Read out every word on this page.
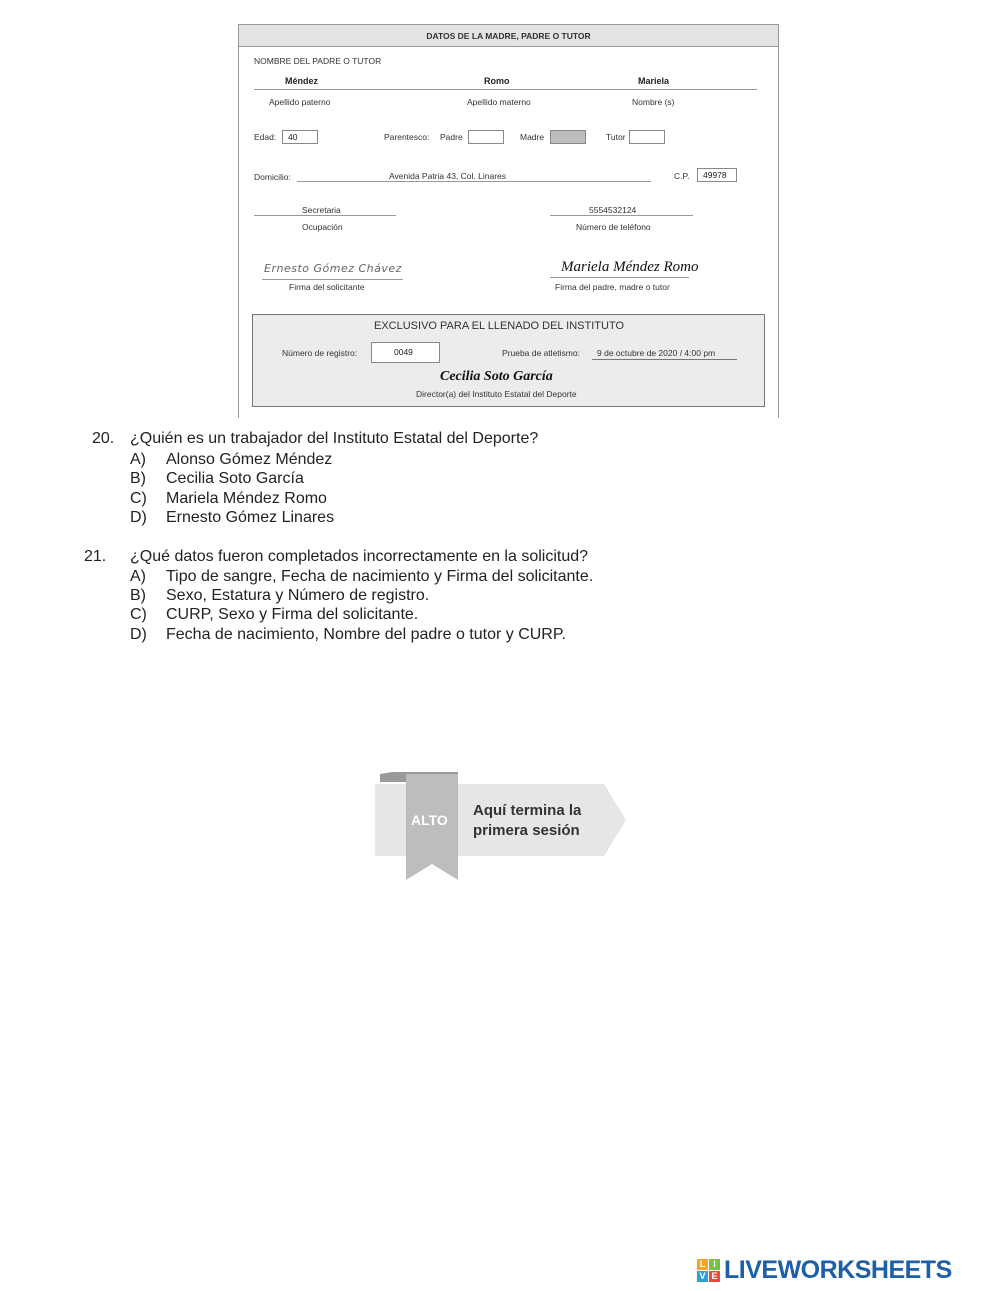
DATOS DE LA MADRE, PADRE O TUTOR
NOMBRE DEL PADRE O TUTOR
Méndez	Romo	Mariela
Apellido paterno	Apellido materno	Nombre (s)
Edad:	40	Parentesco: Padre	Madre	Tutor
Domicilio:	Avenida Patria 43, Col. Linares	C.P.	49978
Secretaria
Ocupación
5554532124
Número de teléfono
Ernesto Gómez Chávez
Firma del solicitante
Mariela Méndez Romo
Firma del padre, madre o tutor
EXCLUSIVO PARA EL LLENADO DEL INSTITUTO
Número de registro:	0049	Prueba de atletismo: 9 de octubre de 2020 / 4:00 pm
Cecilia Soto García
Director(a) del Instituto Estatal del Deporte
20. ¿Quién es un trabajador del Instituto Estatal del Deporte?
A) Alonso Gómez Méndez
B) Cecilia Soto García
C) Mariela Méndez Romo
D) Ernesto Gómez Linares
21. ¿Qué datos fueron completados incorrectamente en la solicitud?
A) Tipo de sangre, Fecha de nacimiento y Firma del solicitante.
B) Sexo, Estatura y Número de registro.
C) CURP, Sexo y Firma del solicitante.
D) Fecha de nacimiento, Nombre del padre o tutor y CURP.
ALTO
Aquí termina la
primera sesión
L I
V E LIVEWORKSHEETS
